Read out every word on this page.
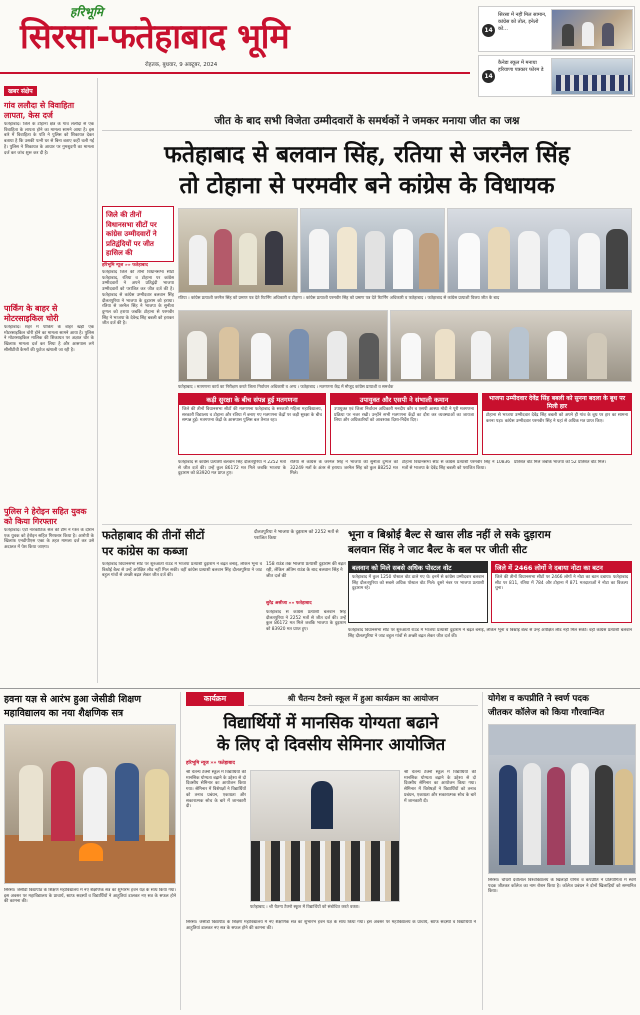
हरिभूमि
सिरसा-फतेहाबाद भूमि
रोहतक, बुधवार, 9 अक्टूबर, 2024
14
सिरसा में नहीं मिल सामान, कांग्रेस को तोल, इनेलो को...
14
कैनेडा स्कूल में मनाया हरियाणा पत्रकार फोरम डे
खबर संक्षेप
गांव ललौदा से विवाहिता लापता, केस दर्ज
फतेहाबाद। जिले के टोहाना क्षेत्र के गांव ललौदा से एक विवाहिता के लापता होने का मामला सामने आया है। इस बारे में विवाहिता के पति ने पुलिस को शिकायत देकर बताया है कि उसकी पत्नी घर से बिना बताए कहीं चली गई है। पुलिस ने शिकायत के आधार पर गुमशुदगी का मामला दर्ज कर जांच शुरू कर दी है।
पार्किंग के बाहर से मोटरसाइकिल चोरी
फतेहाबाद। शहर में पार्किंग के बाहर खड़ी एक मोटरसाइकिल चोरी होने का मामला सामने आया है। पुलिस ने मोटरसाइकिल मालिक की शिकायत पर अज्ञात चोर के खिलाफ मामला दर्ज कर लिया है और आसपास लगे सीसीटीवी कैमरों की फुटेज खंगाली जा रही है।
पुलिस ने हेरोइन सहित युवक को किया गिरफ्तार
फतेहाबाद। एंटी नारकोटिक सेल की टीम ने गश्त के दौरान एक युवक को हेरोइन सहित गिरफ्तार किया है। आरोपी के खिलाफ एनडीपीएस एक्ट के तहत मामला दर्ज कर उसे अदालत में पेश किया जाएगा।
जीत के बाद सभी विजेता उम्मीदवारों के समर्थकों ने जमकर मनाया जीत का जश्न
फतेहाबाद से बलवान सिंह, रतिया से जरनैल सिंह
तो टोहाना से परमवीर बने कांग्रेस के विधायक
जिले की तीनों विधानसभा सीटों पर कांग्रेस उम्मीदवारों ने प्रतिद्वंदियों पर जीत हासिल की
हरिभूमि न्यूज »» फतेहाबाद
फतेहाबाद जिले की तीनों विधानसभा सीटों फतेहाबाद, रतिया व टोहाना पर कांग्रेस उम्मीदवारों ने अपने प्रतिद्वंदी भाजपा उम्मीदवारों को पराजित कर जीत दर्ज की है। फतेहाबाद से कांग्रेस उम्मीदवार बलवान सिंह दौलतपुरिया ने भाजपा के दुड़ाराम को हराया। रतिया से जरनैल सिंह ने भाजपा के सुनीता दुग्गल को हराया जबकि टोहाना से परमवीर सिंह ने भाजपा के देवेन्द्र सिंह बबली को हराकर जीत दर्ज की है।
रतिया । कांग्रेस प्रत्याशी जरनैल सिंह को प्रमाण पत्र देते रिटर्निंग अधिकारी व टोहाना । कांग्रेस प्रत्याशी परमवीर सिंह को प्रमाण पत्र देते रिटर्निंग अधिकारी व फतेहाबाद । फतेहाबाद से कांग्रेस प्रत्याशी विजय जीत के बाद
फतेहाबाद । मतगणना कार्य का निरीक्षण करते जिला निर्वाचन अधिकारी व अन्य । फतेहाबाद । मतगणना केंद्र में मौजूद कांग्रेस प्रत्याशी व समर्थक
कड़ी सुरक्षा के बीच संपन्न हुई मतगणना
जिले की तीनों विधानसभा सीटों की मतगणना फतेहाबाद के सरकारी महिला महाविद्यालय, सरकारी विद्यालय व टोहाना और रतिया में बनाए गए मतगणना केंद्रों पर कड़ी सुरक्षा के बीच सम्पन्न हुई। मतगणना केंद्रों के आसपास पुलिस बल तैनात रहा।
उपायुक्त और एसपी ने संभाली कमान
उपायुक्त एवं जिला निर्वाचन अधिकारी मनदीप कौर व एसपी आस्था मोदी ने पूरी मतगणना प्रक्रिया पर नजर रखी। उन्होंने सभी मतगणना केंद्रों का दौरा कर व्यवस्थाओं का जायजा लिया और अधिकारियों को आवश्यक दिशा-निर्देश दिए।
भाजपा उम्मीदवार देवेंद्र सिंह बबली को सुनना बदला के बूथ पर मिली हार
टोहाना से भाजपा उम्मीदवार देवेंद्र सिंह बबली को अपने ही गांव के बूथ पर हार का सामना करना पड़ा। कांग्रेस उम्मीदवार परमवीर सिंह ने यहां से अधिक मत प्राप्त किए।
फतेहाबाद से कांग्रेस प्रत्याशी बलवान सिंह दौलतपुरिया ने 2252 मतों से जीत दर्ज की। उन्हें कुल 86172 मत मिले जबकि भाजपा के दुड़ाराम को 83920 मत प्राप्त हुए।
रतिया से कांग्रेस के जरनैल सिंह ने भाजपा की सुनीता दुग्गल को 32249 मतों के अंतर से हराया। जरनैल सिंह को कुल 88252 मत मिले।
टोहाना विधानसभा सीट से कांग्रेस प्रत्याशी परमवीर सिंह ने 10836 मतों से भाजपा के देवेंद्र सिंह बबली को पराजित किया।
प्रतिशत वोट मिले जबकि भाजपा को 52 प्रतिशत वोट मिले।
फतेहाबाद की तीनों सीटों
पर कांग्रेस का कब्जा
दौलतपुरिया ने भाजपा के दुड़ाराम को 2252 मतों से पराजित किया	भूना व बिश्नोई बैल्ट से खास लीड नहीं ले सके दुड़ाराम
बलवान सिंह ने जाट बैल्ट के बल पर जीती सीट
फतेहाबाद विधानसभा सीट पर शुरुआती राउंड में भाजपा प्रत्याशी दुड़ाराम ने बढ़त बनाई, लेकिन भूना व बिश्नोई बैल्ट से उन्हें अपेक्षित लीड नहीं मिल सकी। वहीं कांग्रेस प्रत्याशी बलवान सिंह दौलतपुरिया ने जाट बहुल गांवों से अच्छी बढ़त लेकर जीत दर्ज की।
158 राउंड तक भाजपा प्रत्याशी दुड़ाराम की बढ़त रही, लेकिन अंतिम राउंड के बाद बलवान सिंह ने जीत दर्ज की
सुरेंद्र असीजा »» फतेहाबाद
फतेहाबाद से कांग्रेस प्रत्याशी बलवान सिंह दौलतपुरिया ने 2252 मतों से जीत दर्ज की। उन्हें कुल 86172 मत मिले जबकि भाजपा के दुड़ाराम को 83920 मत प्राप्त हुए।
बलवान को मिले सबसे अधिक पोस्टल वोट
फतेहाबाद में कुल 1250 पोस्टल वोट डाले गए थे। इनमें से कांग्रेस उम्मीदवार बलवान सिंह दौलतपुरिया को सबसे अधिक पोस्टल वोट मिले। दूसरे नंबर पर भाजपा प्रत्याशी दुड़ाराम रहे।
जिले में 2466 लोगों ने दबाया नोटा का बटन
जिले की तीनों विधानसभा सीटों पर 2466 लोगों ने नोटा का बटन दबाया। फतेहाबाद सीट पर 811, रतिया में 784 और टोहाना में 871 मतदाताओं ने नोटा का विकल्प चुना।
फतेहाबाद विधानसभा सीट पर शुरुआती राउंड में भाजपा प्रत्याशी दुड़ाराम ने बढ़त बनाई, लेकिन भूना व बिश्नोई बैल्ट से उन्हें अपेक्षित लीड नहीं मिल सकी। वहीं कांग्रेस प्रत्याशी बलवान सिंह दौलतपुरिया ने जाट बहुल गांवों से अच्छी बढ़त लेकर जीत दर्ज की।
हवना यज्ञ से आरंभ हुआ जेसीडी शिक्षण
महाविद्यालय का नया शैक्षणिक सत्र
सिरसा। जेसीडी विद्यापीठ के शिक्षण महाविद्यालय में नए शैक्षणिक सत्र का शुभारंभ हवन यज्ञ के साथ किया गया। इस अवसर पर महाविद्यालय के प्राचार्य, स्टाफ सदस्यों व विद्यार्थियों ने आहुतियां डालकर नए सत्र के सफल होने की कामना की।
कार्यक्रम	श्री चैतन्य टैक्नो स्कूल में हुआ कार्यक्रम का आयोजन
विद्यार्थियों में मानसिक योग्यता बढाने
के लिए दो दिवसीय सेमिनार आयोजित
हरिभूमि न्यूज »» फतेहाबाद
श्री चैतन्य टैक्नो स्कूल में विद्यार्थियों की मानसिक योग्यता बढ़ाने के उद्देश्य से दो दिवसीय सेमिनार का आयोजन किया गया। सेमिनार में विशेषज्ञों ने विद्यार्थियों को तनाव प्रबंधन, एकाग्रता और सकारात्मक सोच के बारे में जानकारी दी।
फतेहाबाद । श्री चैतन्य टैक्नो स्कूल में विद्यार्थियों को संबोधित करते वक्ता।
श्री चैतन्य टैक्नो स्कूल में विद्यार्थियों की मानसिक योग्यता बढ़ाने के उद्देश्य से दो दिवसीय सेमिनार का आयोजन किया गया। सेमिनार में विशेषज्ञों ने विद्यार्थियों को तनाव प्रबंधन, एकाग्रता और सकारात्मक सोच के बारे में जानकारी दी।
सिरसा। जेसीडी विद्यापीठ के शिक्षण महाविद्यालय में नए शैक्षणिक सत्र का शुभारंभ हवन यज्ञ के साथ किया गया। इस अवसर पर महाविद्यालय के प्राचार्य, स्टाफ सदस्यों व विद्यार्थियों ने आहुतियां डालकर नए सत्र के सफल होने की कामना की।
योगेश व कपप्रीति ने स्वर्ण पदक
जीतकर कॉलेज को किया गौरवान्वित
सिरसा। चौधरी देवीलाल विश्वविद्यालय के खिलाड़ी योगेश व कपप्रीति ने प्रतियोगिता में स्वर्ण पदक जीतकर कॉलेज का नाम रोशन किया है। कॉलेज प्रबंधन ने दोनों खिलाड़ियों को सम्मानित किया।
